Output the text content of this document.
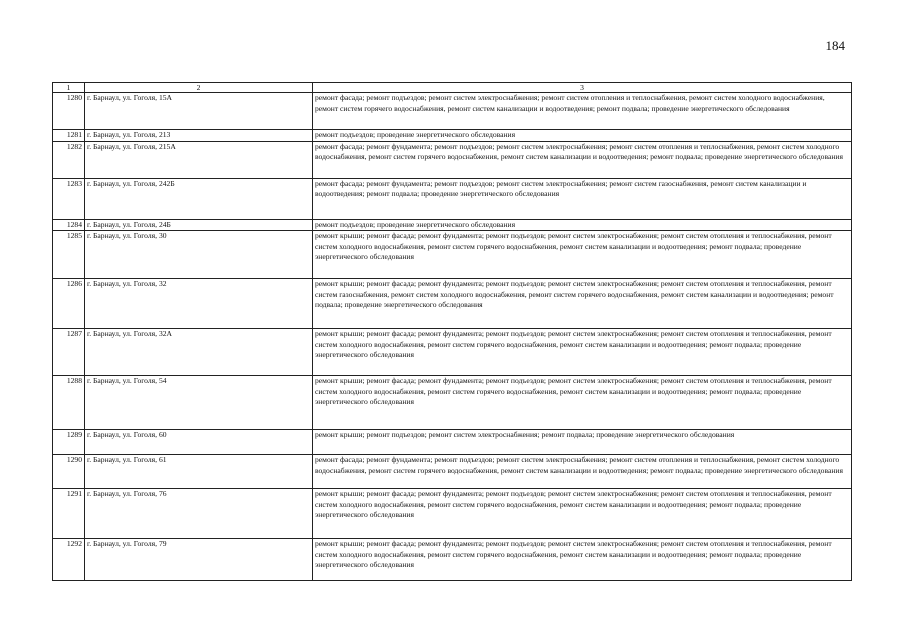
184
1	2	3
1280	г. Барнаул, ул. Гоголя, 15А	ремонт фасада; ремонт подъездов; ремонт систем электроснабжения; ремонт систем отопления и теплоснабжения, ремонт систем холодного водоснабжения, ремонт систем горячего водоснабжения, ремонт систем канализации и водоотведения; ремонт подвала; проведение энергетического обследования
1281	г. Барнаул, ул. Гоголя, 213	ремонт подъездов; проведение энергетического обследования
1282	г. Барнаул, ул. Гоголя, 215А	ремонт фасада; ремонт фундамента; ремонт подъездов; ремонт систем электроснабжения; ремонт систем отопления и теплоснабжения, ремонт систем холодного водоснабжения, ремонт систем горячего водоснабжения, ремонт систем канализации и водоотведения; ремонт подвала; проведение энергетического обследования
1283	г. Барнаул, ул. Гоголя, 242Б	ремонт фасада; ремонт фундамента; ремонт подъездов; ремонт систем электроснабжения; ремонт систем газоснабжения, ремонт систем канализации и водоотведения; ремонт подвала; проведение энергетического обследования
1284	г. Барнаул, ул. Гоголя, 24Б	ремонт подъездов; проведение энергетического обследования
1285	г. Барнаул, ул. Гоголя, 30	ремонт крыши; ремонт фасада; ремонт фундамента; ремонт подъездов; ремонт систем электроснабжения; ремонт систем отопления и теплоснабжения, ремонт систем холодного водоснабжения, ремонт систем горячего водоснабжения, ремонт систем канализации и водоотведения; ремонт подвала; проведение энергетического обследования
1286	г. Барнаул, ул. Гоголя, 32	ремонт крыши; ремонт фасада; ремонт фундамента; ремонт подъездов; ремонт систем электроснабжения; ремонт систем отопления и теплоснабжения, ремонт систем газоснабжения, ремонт систем холодного водоснабжения, ремонт систем горячего водоснабжения, ремонт систем канализации и водоотведения; ремонт подвала; проведение энергетического обследования
1287	г. Барнаул, ул. Гоголя, 32А	ремонт крыши; ремонт фасада; ремонт фундамента; ремонт подъездов; ремонт систем электроснабжения; ремонт систем отопления и теплоснабжения, ремонт систем холодного водоснабжения, ремонт систем горячего водоснабжения, ремонт систем канализации и водоотведения; ремонт подвала; проведение энергетического обследования
1288	г. Барнаул, ул. Гоголя, 54	ремонт крыши; ремонт фасада; ремонт фундамента; ремонт подъездов; ремонт систем электроснабжения; ремонт систем отопления и теплоснабжения, ремонт систем холодного водоснабжения, ремонт систем горячего водоснабжения, ремонт систем канализации и водоотведения; ремонт подвала; проведение энергетического обследования
1289	г. Барнаул, ул. Гоголя, 60	ремонт крыши; ремонт подъездов; ремонт систем электроснабжения; ремонт подвала; проведение энергетического обследования
1290	г. Барнаул, ул. Гоголя, 61	ремонт фасада; ремонт фундамента; ремонт подъездов; ремонт систем электроснабжения; ремонт систем отопления и теплоснабжения, ремонт систем холодного водоснабжения, ремонт систем горячего водоснабжения, ремонт систем канализации и водоотведения; ремонт подвала; проведение энергетического обследования
1291	г. Барнаул, ул. Гоголя, 76	ремонт крыши; ремонт фасада; ремонт фундамента; ремонт подъездов; ремонт систем электроснабжения; ремонт систем отопления и теплоснабжения, ремонт систем холодного водоснабжения, ремонт систем горячего водоснабжения, ремонт систем канализации и водоотведения; ремонт подвала; проведение энергетического обследования
1292	г. Барнаул, ул. Гоголя, 79	ремонт крыши; ремонт фасада; ремонт фундамента; ремонт подъездов; ремонт систем электроснабжения; ремонт систем отопления и теплоснабжения, ремонт систем холодного водоснабжения, ремонт систем горячего водоснабжения, ремонт систем канализации и водоотведения; ремонт подвала; проведение энергетического обследования
